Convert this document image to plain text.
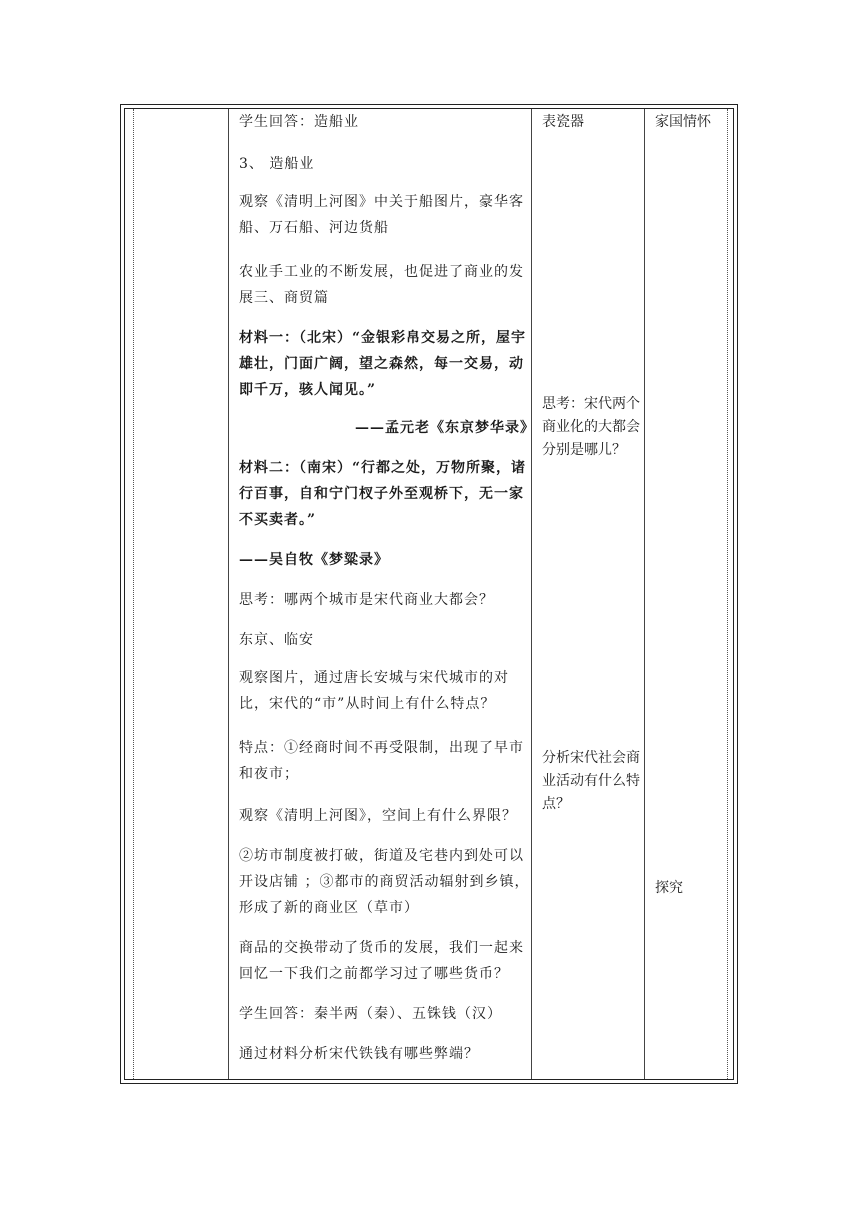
学生回答：造船业

3、 造船业

观察《清明上河图》中关于船图片，豪华客船、万石船、河边货船

农业手工业的不断发展，也促进了商业的发展三、商贸篇

材料一：（北宋）“金银彩帛交易之所，屋宇雄壮，门面广阔，望之森然，每一交易，动即千万，骇人闻见。”

——孟元老《东京梦华录》

材料二：（南宋）“行都之处，万物所聚，诸行百事，自和宁门杈子外至观桥下，无一家不买卖者。”

——吴自牧《梦粱录》

思考：哪两个城市是宋代商业大都会？

东京、临安

观察图片，通过唐长安城与宋代城市的对比，宋代的“市”从时间上有什么特点？

特点：①经商时间不再受限制，出现了早市和夜市；

观察《清明上河图》，空间上有什么界限？

②坊市制度被打破，街道及宅巷内到处可以开设店铺 ；③都市的商贸活动辐射到乡镇，形成了新的商业区（草市）

商品的交换带动了货币的发展，我们一起来回忆一下我们之前都学习过了哪些货币？

学生回答：秦半两（秦）、五铢钱（汉）

通过材料分析宋代铁钱有哪些弊端？

表瓷器
思考：宋代两个商业化的大都会分别是哪儿？
分析宋代社会商业活动有什么特点？
家国情怀
探究
